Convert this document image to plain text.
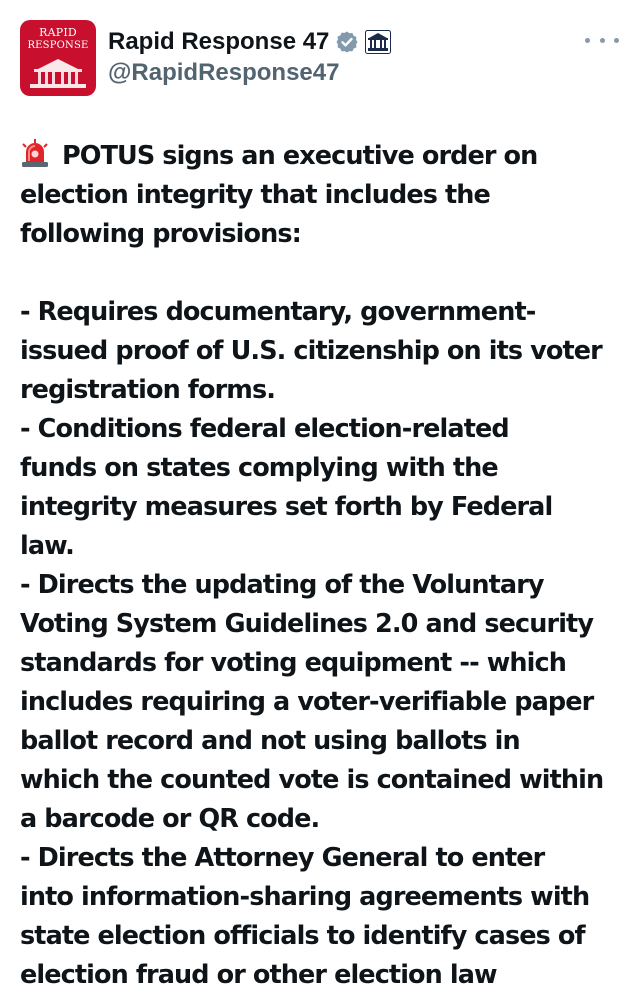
RAPID
RESPONSE Rapid Response 47
@RapidResponse47
POTUS signs an executive order on
election integrity that includes the
following provisions:
- Requires documentary, government-
issued proof of U.S. citizenship on its voter
registration forms.
- Conditions federal election-related
funds on states complying with the
integrity measures set forth by Federal
law.
- Directs the updating of the Voluntary
Voting System Guidelines 2.0 and security
standards for voting equipment -- which
includes requiring a voter-verifiable paper
ballot record and not using ballots in
which the counted vote is contained within
a barcode or QR code.
- Directs the Attorney General to enter
into information-sharing agreements with
state election officials to identify cases of
election fraud or other election law
